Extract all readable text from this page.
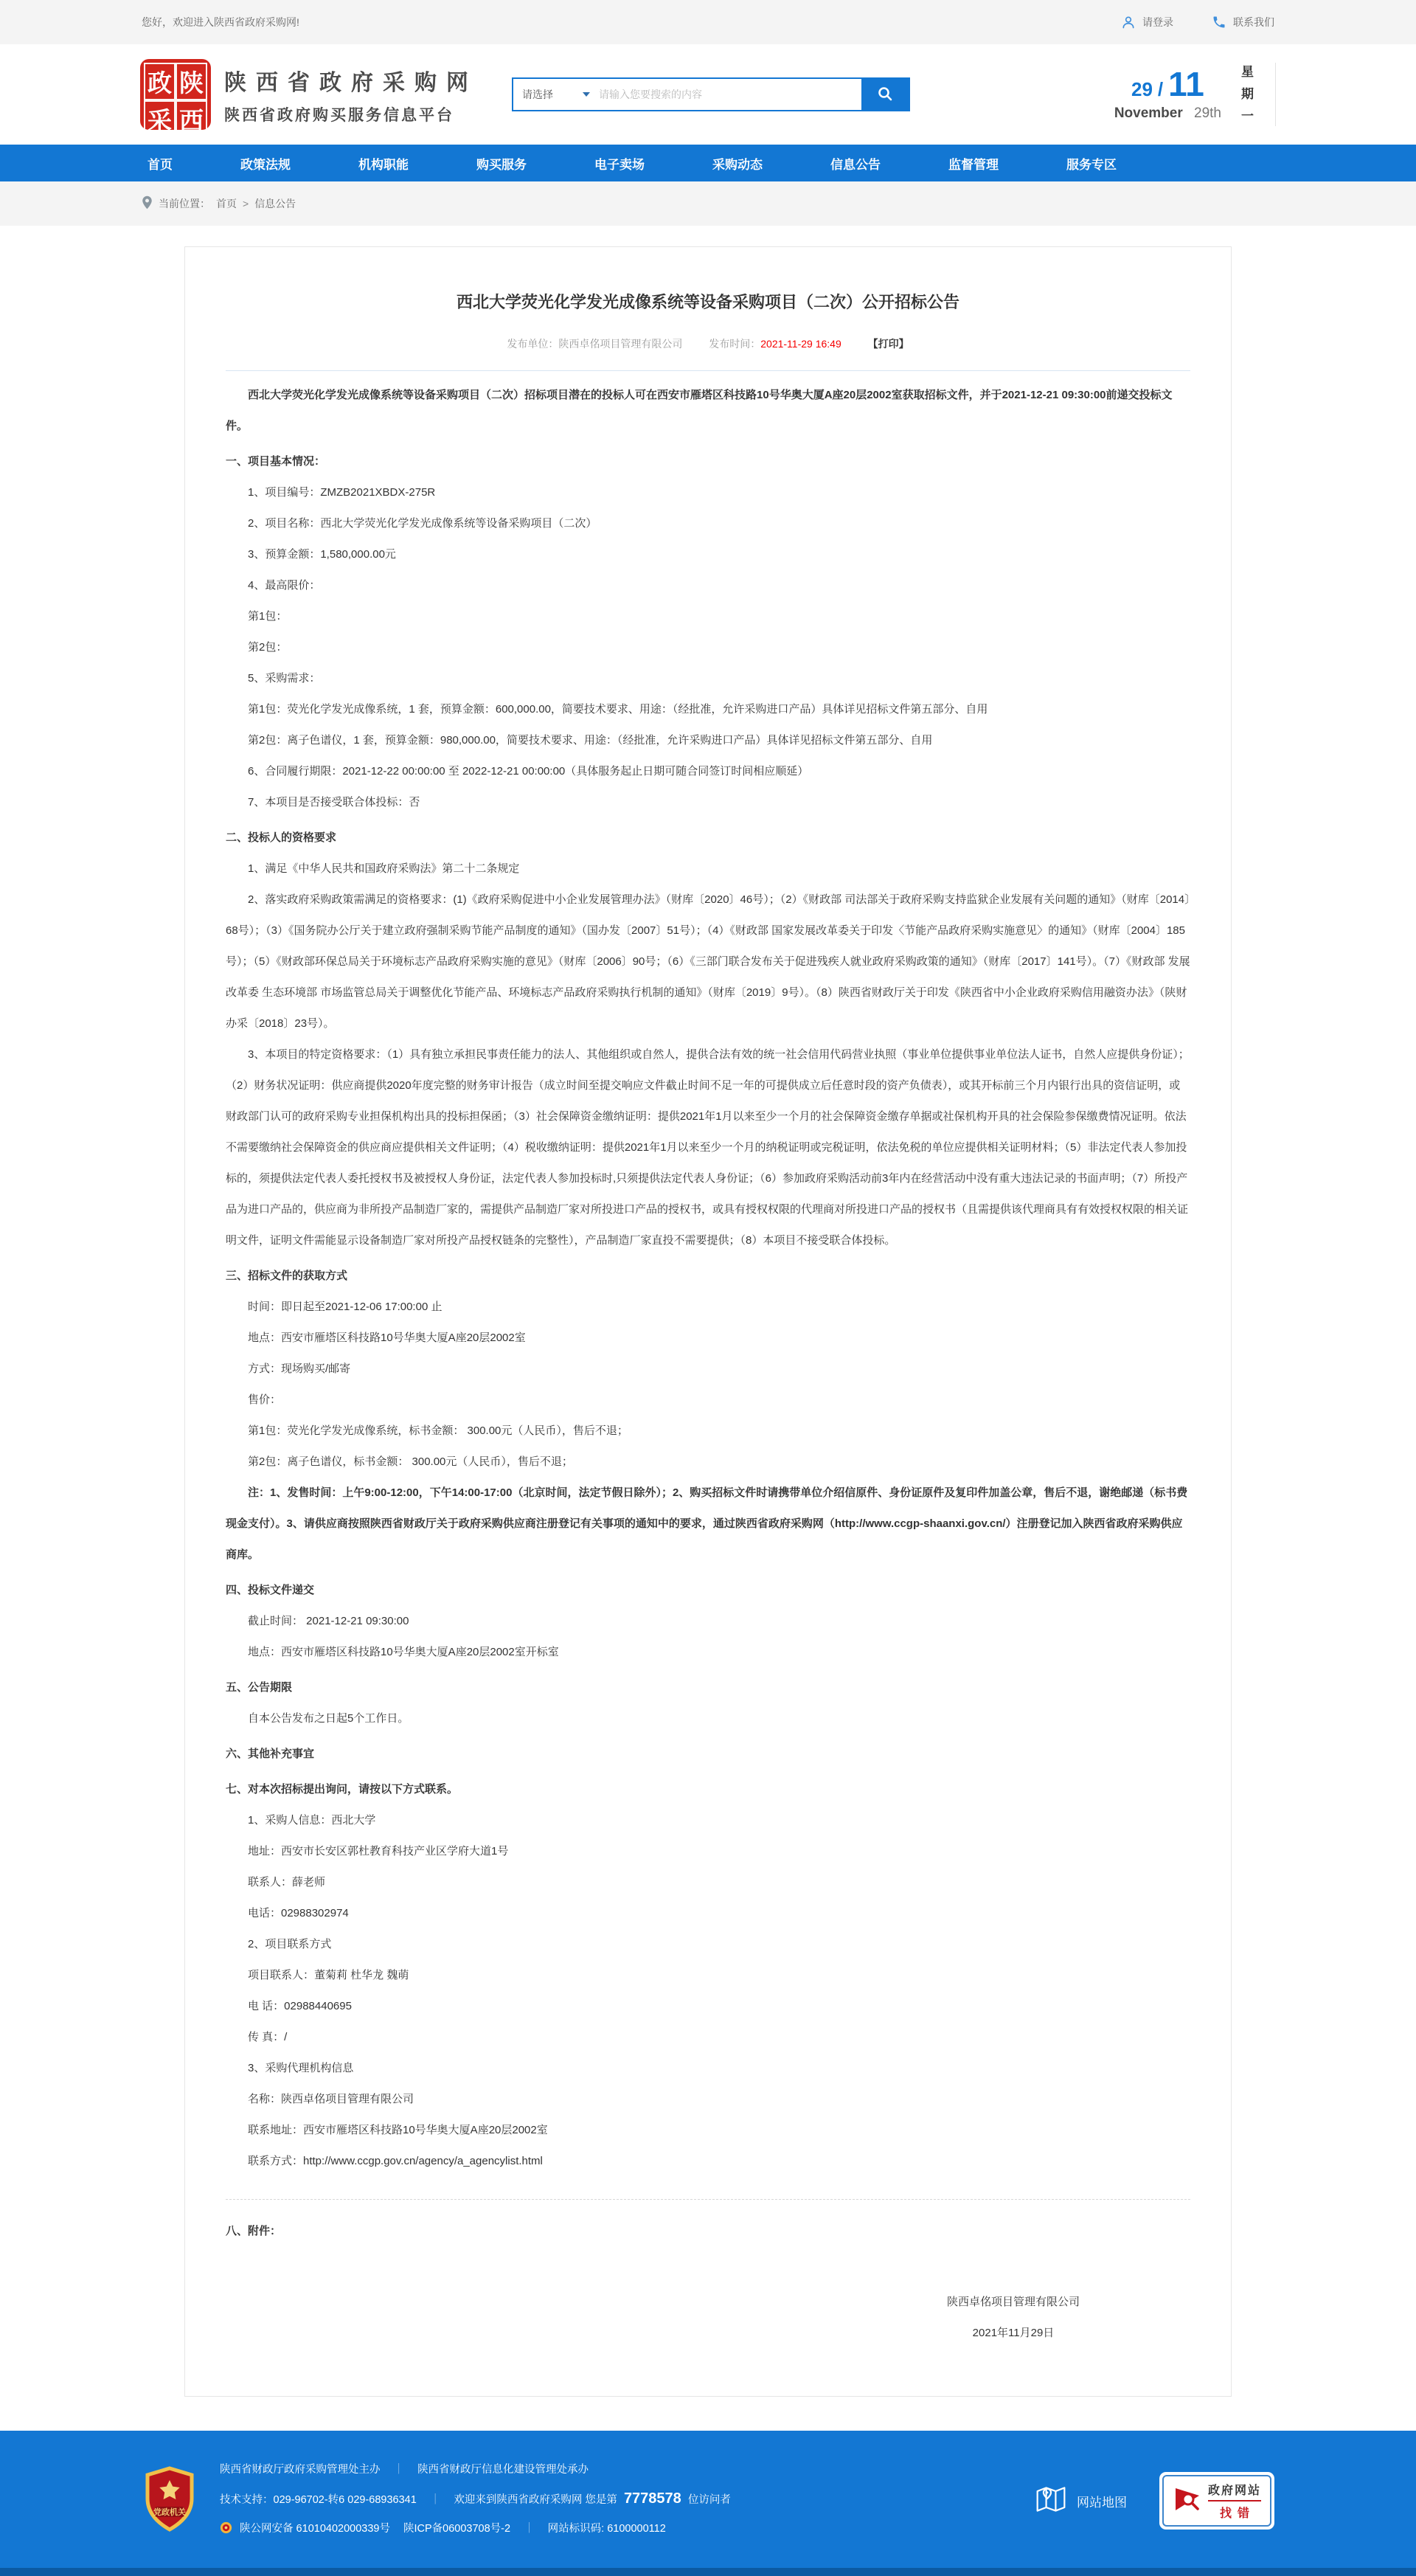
您好，欢迎进入陕西省政府采购网!	请登录	联系我们
政 陕
采 西
陕西省政府采购网
陕西省政府购买服务信息平台
请选择
请输入您要搜索的内容	29 / 11
November 29th
星期一
首页	政策法规	机构职能	购买服务	电子卖场	采购动态	信息公告	监督管理	服务专区
当前位置： 首页 > 信息公告
西北大学荧光化学发光成像系统等设备采购项目（二次）公开招标公告
发布单位：陕西卓佲项目管理有限公司	发布时间：2021-11-29 16:49	【打印】
西北大学荧光化学发光成像系统等设备采购项目（二次）招标项目潜在的投标人可在西安市雁塔区科技路10号华奥大厦A座20层2002室获取招标文件，并于2021-12-21 09:30:00前递交投标文件。
一、项目基本情况：
1、项目编号：ZMZB2021XBDX-275R
2、项目名称：西北大学荧光化学发光成像系统等设备采购项目（二次）
3、预算金额：1,580,000.00元
4、最高限价：
第1包：
第2包：
5、采购需求：
第1包：荧光化学发光成像系统，1 套，预算金额：600,000.00，简要技术要求、用途：（经批准，允许采购进口产品）具体详见招标文件第五部分、自用
第2包：离子色谱仪，1 套，预算金额：980,000.00，简要技术要求、用途：（经批准，允许采购进口产品）具体详见招标文件第五部分、自用
6、合同履行期限：2021-12-22 00:00:00 至 2022-12-21 00:00:00（具体服务起止日期可随合同签订时间相应顺延）
7、本项目是否接受联合体投标：否
二、投标人的资格要求
1、满足《中华人民共和国政府采购法》第二十二条规定
2、落实政府采购政策需满足的资格要求：(1)《政府采购促进中小企业发展管理办法》（财库〔2020〕46号）；（2）《财政部 司法部关于政府采购支持监狱企业发展有关问题的通知》（财库〔2014〕68号）；（3）《国务院办公厅关于建立政府强制采购节能产品制度的通知》（国办发〔2007〕51号）；（4）《财政部 国家发展改革委关于印发〈节能产品政府采购实施意见〉的通知》（财库〔2004〕185号）；（5）《财政部环保总局关于环境标志产品政府采购实施的意见》（财库〔2006〕90号；（6）《三部门联合发布关于促进残疾人就业政府采购政策的通知》（财库〔2017〕141号）。（7）《财政部 发展改革委 生态环境部 市场监管总局关于调整优化节能产品、环境标志产品政府采购执行机制的通知》（财库〔2019〕9号）。（8）陕西省财政厅关于印发《陕西省中小企业政府采购信用融资办法》（陕财办采〔2018〕23号）。
3、本项目的特定资格要求：（1）具有独立承担民事责任能力的法人、其他组织或自然人，提供合法有效的统一社会信用代码营业执照（事业单位提供事业单位法人证书，自然人应提供身份证）；（2）财务状况证明：供应商提供2020年度完整的财务审计报告（成立时间至提交响应文件截止时间不足一年的可提供成立后任意时段的资产负债表），或其开标前三个月内银行出具的资信证明，或财政部门认可的政府采购专业担保机构出具的投标担保函；（3）社会保障资金缴纳证明：提供2021年1月以来至少一个月的社会保障资金缴存单据或社保机构开具的社会保险参保缴费情况证明。依法不需要缴纳社会保障资金的供应商应提供相关文件证明；（4）税收缴纳证明：提供2021年1月以来至少一个月的纳税证明或完税证明，依法免税的单位应提供相关证明材料；（5）非法定代表人参加投标的，须提供法定代表人委托授权书及被授权人身份证，法定代表人参加投标时,只须提供法定代表人身份证；（6）参加政府采购活动前3年内在经营活动中没有重大违法记录的书面声明；（7）所投产品为进口产品的，供应商为非所投产品制造厂家的，需提供产品制造厂家对所投进口产品的授权书，或具有授权权限的代理商对所投进口产品的授权书（且需提供该代理商具有有效授权权限的相关证明文件，证明文件需能显示设备制造厂家对所投产品授权链条的完整性），产品制造厂家直投不需要提供；（8）本项目不接受联合体投标。
三、招标文件的获取方式
时间：即日起至2021-12-06 17:00:00 止
地点：西安市雁塔区科技路10号华奥大厦A座20层2002室
方式：现场购买/邮寄
售价：
第1包：荧光化学发光成像系统，标书金额： 300.00元（人民币），售后不退；
第2包：离子色谱仪，标书金额： 300.00元（人民币），售后不退；
注：1、发售时间：上午9:00-12:00，下午14:00-17:00（北京时间，法定节假日除外）；2、购买招标文件时请携带单位介绍信原件、身份证原件及复印件加盖公章，售后不退，谢绝邮递（标书费现金支付）。3、请供应商按照陕西省财政厅关于政府采购供应商注册登记有关事项的通知中的要求，通过陕西省政府采购网（http://www.ccgp-shaanxi.gov.cn/）注册登记加入陕西省政府采购供应商库。
四、投标文件递交
截止时间： 2021-12-21 09:30:00
地点：西安市雁塔区科技路10号华奥大厦A座20层2002室开标室
五、公告期限
自本公告发布之日起5个工作日。
六、其他补充事宜
七、对本次招标提出询问，请按以下方式联系。
1、采购人信息：西北大学
地址：西安市长安区郭杜教育科技产业区学府大道1号
联系人：薛老师
电话：02988302974
2、项目联系方式
项目联系人：董菊莉 杜华龙 魏萌
电 话：02988440695
传 真：/
3、采购代理机构信息
名称：陕西卓佲项目管理有限公司
联系地址：西安市雁塔区科技路10号华奥大厦A座20层2002室
联系方式：http://www.ccgp.gov.cn/agency/a_agencylist.html
八、附件：
陕西卓佲项目管理有限公司
2021年11月29日
党政机关
陕西省财政厅政府采购管理处主办 ｜ 陕西省财政厅信息化建设管理处承办
技术支持：029-96702-转6 029-68936341 ｜ 欢迎来到陕西省政府采购网 您是第 7778578 位访问者
陕公网安备 61010402000339号 陕ICP备06003708号-2 ｜ 网站标识码: 6100000112
网站地图
政府网站
找错
